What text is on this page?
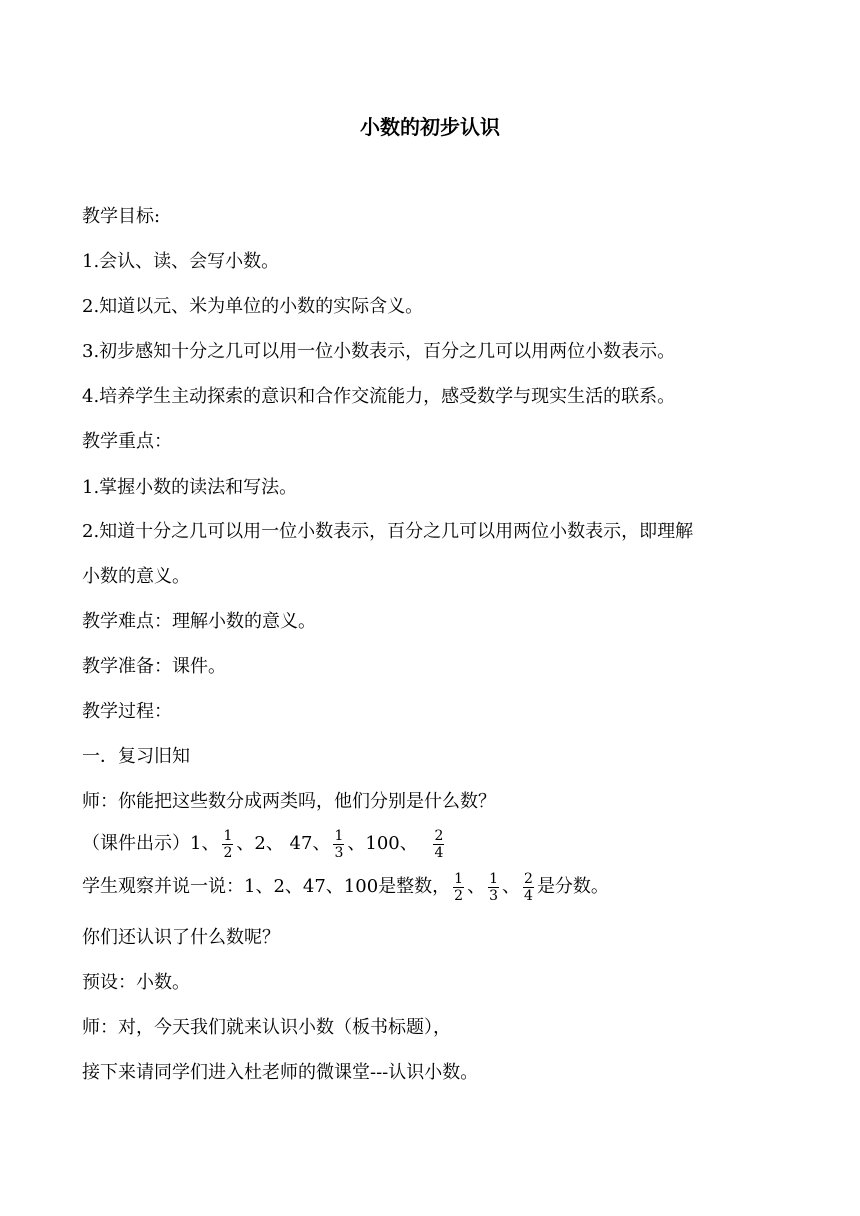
小数的初步认识
教学目标:
1.会认、读、会写小数。
2.知道以元、米为单位的小数的实际含义。
3.初步感知十分之几可以用一位小数表示，百分之几可以用两位小数表示。
4.培养学生主动探索的意识和合作交流能力，感受数学与现实生活的联系。
教学重点：
1.掌握小数的读法和写法。
2.知道十分之几可以用一位小数表示，百分之几可以用两位小数表示，即理解
小数的意义。
教学难点：理解小数的意义。
教学准备：课件。
教学过程：
一．复习旧知
师：你能把这些数分成两类吗，他们分别是什么数？
（课件出示）1、 $\frac{1}{2}$ 、2、 47、 $\frac{1}{3}$ 、100、 $\frac{2}{4}$
学生观察并说一说：1、2、47、100是整数， $\frac{1}{2}$ 、 $\frac{1}{3}$ 、 $\frac{2}{4}$ 是分数。
你们还认识了什么数呢？
预设：小数。
师：对，今天我们就来认识小数（板书标题），
接下来请同学们进入杜老师的微课堂---认识小数。
